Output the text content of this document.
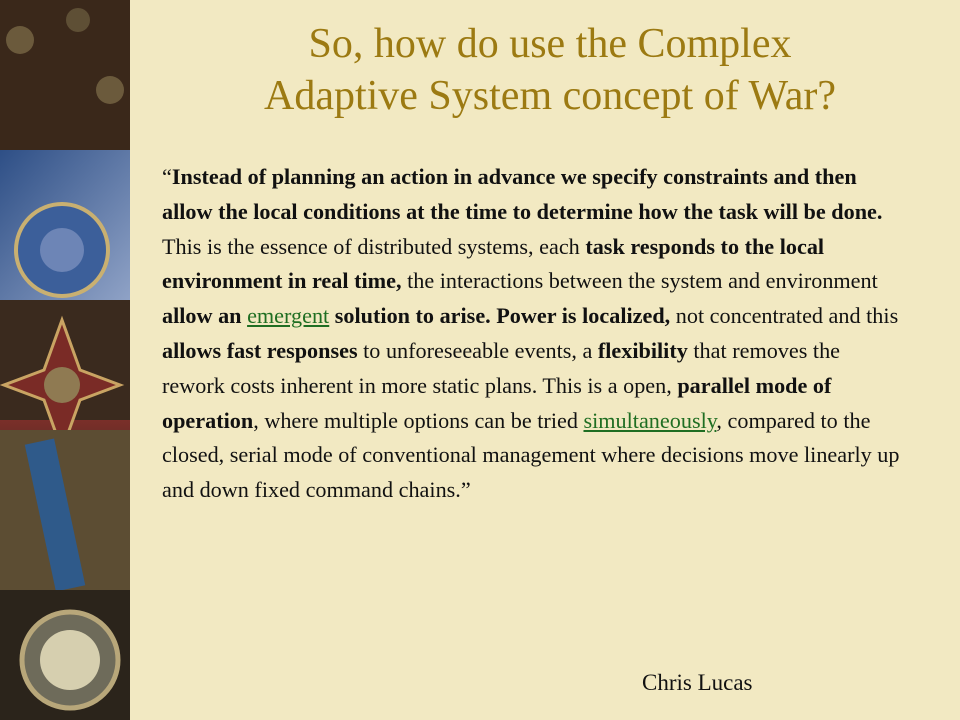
So, how do use the Complex
Adaptive System concept of War?
“Instead of planning an action in advance we specify constraints and then allow the local conditions at the time to determine how the task will be done. This is the essence of distributed systems, each task responds to the local environment in real time, the interactions between the system and environment allow an emergent solution to arise. Power is localized, not concentrated and this allows fast responses to unforeseeable events, a flexibility that removes the rework costs inherent in more static plans. This is a open, parallel mode of operation, where multiple options can be tried simultaneously, compared to the closed, serial mode of conventional management where decisions move linearly up and down fixed command chains.”
Chris Lucas
